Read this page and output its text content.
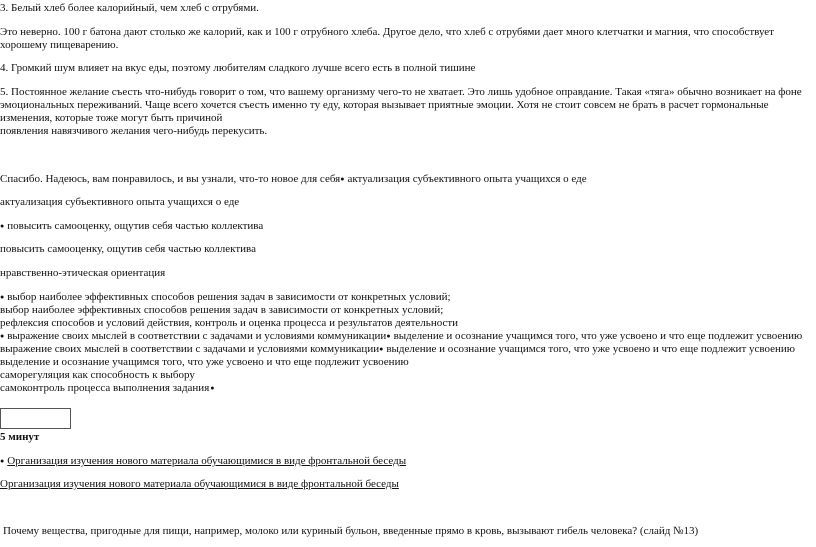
3. Белый хлеб более калорийный, чем хлеб с отрубями.
Это неверно. 100 г батона дают столько же калорий, как и 100 г отрубного хлеба. Другое дело, что хлеб с отрубями дает много клетчатки и магния, что способствует хорошему пищеварению.
4. Громкий шум влияет на вкус еды, поэтому любителям сладкого лучше всего есть в полной тишине
5. Постоянное желание съесть что-нибудь говорит о том, что вашему организму чего-то не хватает. Это лишь удобное оправдание. Такая «тяга» обычно возникает на фоне эмоциональных переживаний. Чаще всего хочется съесть именно ту еду, которая вызывает приятные эмоции. Хотя не стоит совсем не брать в расчет гормональные изменения, которые тоже могут быть причиной
появления навязчивого желания чего-нибудь перекусить.
Спасибо. Надеюсь, вам понравилось, и вы узнали, что-то новое для себя ● актуализация субъективного опыта учащихся о еде
актуализация субъективного опыта учащихся о еде
● повысить самооценку, ощутив себя частью коллектива
повысить самооценку, ощутив себя частью коллектива
нравственно-этическая ориентация
● выбор наиболее эффективных способов решения задач в зависимости от конкретных условий;
выбор наиболее эффективных способов решения задач в зависимости от конкретных условий;
рефлексия способов и условий действия, контроль и оценка процесса и результатов деятельности
● выражение своих мыслей в соответствии с задачами и условиями коммуникации ● выделение и осознание учащимся того, что уже усвоено и что еще подлежит усвоению
выражение своих мыслей в соответствии с задачами и условиями коммуникации ● выделение и осознание учащимся того, что уже усвоено и что еще подлежит усвоению
выделение и осознание учащимся того, что уже усвоено и что еще подлежит усвоению
саморегуляция как способность к выбору
самоконтроль процесса выполнения задания ●
5 минут
● Организация изучения нового материала обучающимися в виде фронтальной беседы
Организация изучения нового материала обучающимися в виде фронтальной беседы
Почему вещества, пригодные для пищи, например, молоко или куриный бульон, введенные прямо в кровь, вызывают гибель человека? (слайд №13)
